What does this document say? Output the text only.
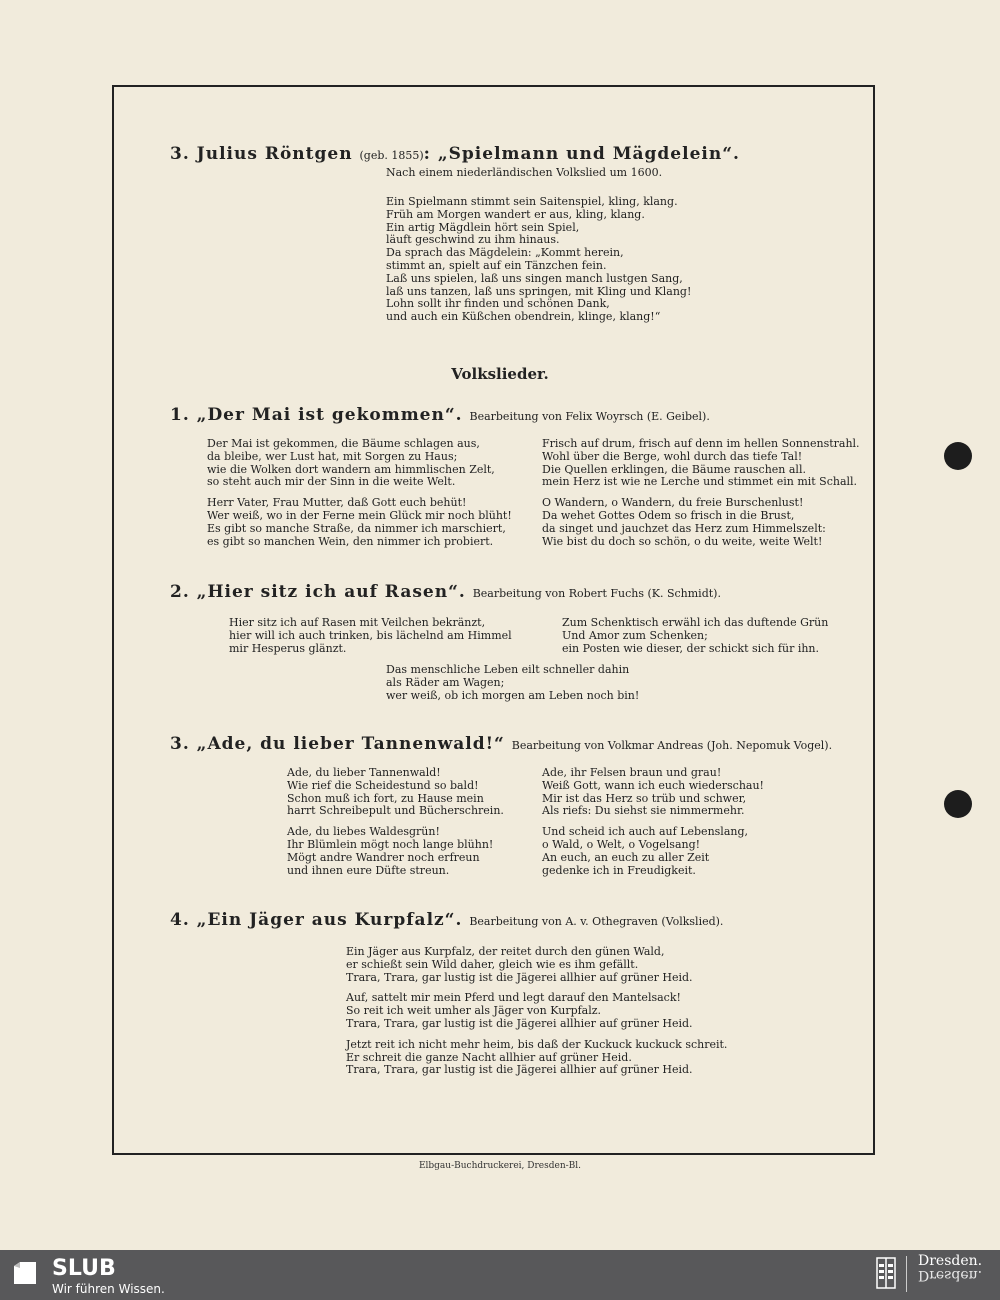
3. Julius Röntgen (geb. 1855): „Spielmann und Mägdelein“.
Nach einem niederländischen Volkslied um 1600.
Ein Spielmann stimmt sein Saitenspiel, kling, klang.
Früh am Morgen wandert er aus, kling, klang.
Ein artig Mägdlein hört sein Spiel,
läuft geschwind zu ihm hinaus.
Da sprach das Mägdelein: „Kommt herein,
stimmt an, spielt auf ein Tänzchen fein.
Laß uns spielen, laß uns singen manch lustgen Sang,
laß uns tanzen, laß uns springen, mit Kling und Klang!
Lohn sollt ihr finden und schönen Dank,
und auch ein Küßchen obendrein, klinge, klang!“
Volkslieder.
1. „Der Mai ist gekommen“. Bearbeitung von Felix Woyrsch (E. Geibel).
Der Mai ist gekommen, die Bäume schlagen aus,
da bleibe, wer Lust hat, mit Sorgen zu Haus;
wie die Wolken dort wandern am himmlischen Zelt,
so steht auch mir der Sinn in die weite Welt.
Herr Vater, Frau Mutter, daß Gott euch behüt!
Wer weiß, wo in der Ferne mein Glück mir noch blüht!
Es gibt so manche Straße, da nimmer ich marschiert,
es gibt so manchen Wein, den nimmer ich probiert.
Frisch auf drum, frisch auf denn im hellen Sonnenstrahl.
Wohl über die Berge, wohl durch das tiefe Tal!
Die Quellen erklingen, die Bäume rauschen all.
mein Herz ist wie ne Lerche und stimmet ein mit Schall.
O Wandern, o Wandern, du freie Burschenlust!
Da wehet Gottes Odem so frisch in die Brust,
da singet und jauchzet das Herz zum Himmelszelt:
Wie bist du doch so schön, o du weite, weite Welt!
2. „Hier sitz ich auf Rasen“. Bearbeitung von Robert Fuchs (K. Schmidt).
Hier sitz ich auf Rasen mit Veilchen bekränzt,
hier will ich auch trinken, bis lächelnd am Himmel
mir Hesperus glänzt.
Zum Schenktisch erwähl ich das duftende Grün
Und Amor zum Schenken;
ein Posten wie dieser, der schickt sich für ihn.
Das menschliche Leben eilt schneller dahin
als Räder am Wagen;
wer weiß, ob ich morgen am Leben noch bin!
3. „Ade, du lieber Tannenwald!“ Bearbeitung von Volkmar Andreas (Joh. Nepomuk Vogel).
Ade, du lieber Tannenwald!
Wie rief die Scheidestund so bald!
Schon muß ich fort, zu Hause mein
harrt Schreibepult und Bücherschrein.
Ade, du liebes Waldesgrün!
Ihr Blümlein mögt noch lange blühn!
Mögt andre Wandrer noch erfreun
und ihnen eure Düfte streun.
Ade, ihr Felsen braun und grau!
Weiß Gott, wann ich euch wiederschau!
Mir ist das Herz so trüb und schwer,
Als riefs: Du siehst sie nimmermehr.
Und scheid ich auch auf Lebenslang,
o Wald, o Welt, o Vogelsang!
An euch, an euch zu aller Zeit
gedenke ich in Freudigkeit.
4. „Ein Jäger aus Kurpfalz“. Bearbeitung von A. v. Othegraven (Volkslied).
Ein Jäger aus Kurpfalz, der reitet durch den günen Wald,
er schießt sein Wild daher, gleich wie es ihm gefällt.
Trara, Trara, gar lustig ist die Jägerei allhier auf grüner Heid.
Auf, sattelt mir mein Pferd und legt darauf den Mantelsack!
So reit ich weit umher als Jäger von Kurpfalz.
Trara, Trara, gar lustig ist die Jägerei allhier auf grüner Heid.
Jetzt reit ich nicht mehr heim, bis daß der Kuckuck kuckuck schreit.
Er schreit die ganze Nacht allhier auf grüner Heid.
Trara, Trara, gar lustig ist die Jägerei allhier auf grüner Heid.
Elbgau-Buchdruckerei, Dresden-Bl.
SLUB
Wir führen Wissen.
Dresden.
Dresden.
